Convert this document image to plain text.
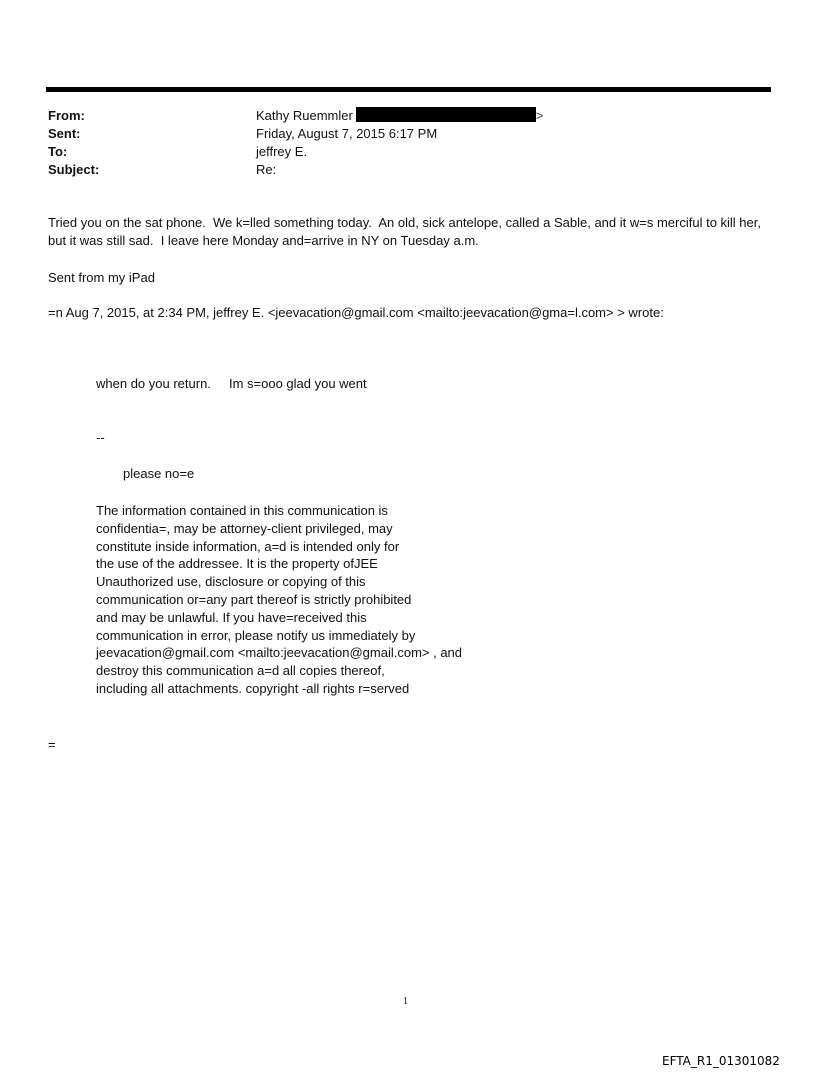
From:	Kathy Ruemmler	>
Sent:	Friday, August 7, 2015 6:17 PM
To:	jeffrey E.
Subject:	Re:

Tried you on the sat phone.  We k=lled something today.  An old, sick antelope, called a Sable, and it w=s merciful to kill her, but it was still sad.  I leave here Monday and=arrive in NY on Tuesday a.m.

Sent from my iPad
=n Aug 7, 2015, at 2:34 PM, jeffrey E. <jeevacation@gmail.com <mailto:jeevacation@gma=l.com> > wrote:
when do you return.     Im s=ooo glad you went
--
please no=e
The information contained in this communication is
confidentia=, may be attorney-client privileged, may
constitute inside information, a=d is intended only for
the use of the addressee. It is the property ofJEE
Unauthorized use, disclosure or copying of this
communication or=any part thereof is strictly prohibited
and may be unlawful. If you have=received this
communication in error, please notify us immediately by
jeevacation@gmail.com <mailto:jeevacation@gmail.com> , and
destroy this communication a=d all copies thereof,
including all attachments. copyright -all rights r=served
=
1
EFTA_R1_01301082
